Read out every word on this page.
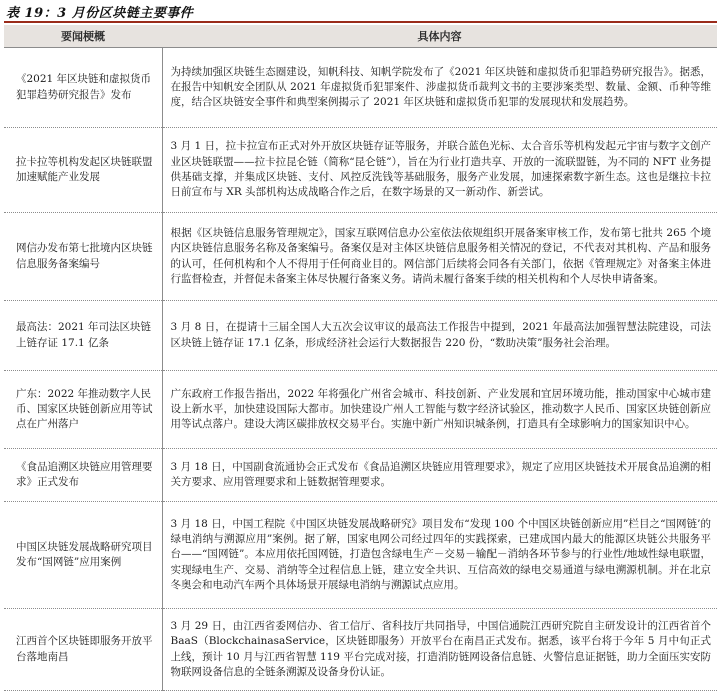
表 19：3 月份区块链主要事件
要闻梗概	具体内容
《2021 年区块链和虚拟货币犯罪趋势研究报告》发布	为持续加强区块链生态圈建设，知帆科技、知帆学院发布了《2021 年区块链和虚拟货币犯罪趋势研究报告》。据悉，在报告中知帆安全团队从 2021 年虚拟货币犯罪案件、涉虚拟货币裁判文书的主要涉案类型、数量、金额、币种等维度，结合区块链安全事件和典型案例揭示了 2021 年区块链和虚拟货币犯罪的发展现状和发展趋势。
拉卡拉等机构发起区块链联盟加速赋能产业发展	3 月 1 日，拉卡拉宣布正式对外开放区块链存证等服务，并联合蓝色光标、太合音乐等机构发起元宇宙与数字文创产业区块链联盟——拉卡拉昆仑链（简称“昆仑链”），旨在为行业打造共享、开放的一流联盟链，为不同的 NFT 业务提供基础支撑，并集成区块链、支付、风控反洗钱等基础服务，服务产业发展，加速探索数字新生态。这也是继拉卡拉日前宣布与 XR 头部机构达成战略合作之后，在数字场景的又一新动作、新尝试。
网信办发布第七批境内区块链信息服务备案编号	根据《区块链信息服务管理规定》，国家互联网信息办公室依法依规组织开展备案审核工作，发布第七批共 265 个境内区块链信息服务名称及备案编号。备案仅是对主体区块链信息服务相关情况的登记，不代表对其机构、产品和服务的认可，任何机构和个人不得用于任何商业目的。网信部门后续将会同各有关部门，依据《管理规定》对备案主体进行监督检查，并督促未备案主体尽快履行备案义务。请尚未履行备案手续的相关机构和个人尽快申请备案。
最高法：2021 年司法区块链上链存证 17.1 亿条	3 月 8 日，在提请十三届全国人大五次会议审议的最高法工作报告中提到，2021 年最高法加强智慧法院建设，司法区块链上链存证 17.1 亿条，形成经济社会运行大数据报告 220 份，“数助决策”服务社会治理。
广东：2022 年推动数字人民币、国家区块链创新应用等试点在广州落户	广东政府工作报告指出，2022 年将强化广州省会城市、科技创新、产业发展和宜居环境功能，推动国家中心城市建设上新水平，加快建设国际大都市。加快建设广州人工智能与数字经济试验区，推动数字人民币、国家区块链创新应用等试点落户。建设大湾区碳排放权交易平台。实施中新广州知识城条例，打造具有全球影响力的国家知识中心。
《食品追溯区块链应用管理要求》正式发布	3 月 18 日，中国副食流通协会正式发布《食品追溯区块链应用管理要求》，规定了应用区块链技术开展食品追溯的相关方要求、应用管理要求和上链数据管理要求。
中国区块链发展战略研究项目发布“国网链”应用案例	3 月 18 日，中国工程院《中国区块链发展战略研究》项目发布“发现 100 个中国区块链创新应用”栏目之“国网链’的绿电消纳与溯源应用”案例。据了解，国家电网公司经过四年的实践探索，已建成国内最大的能源区块链公共服务平台——“国网链”。本应用依托国网链，打造包含绿电生产－交易－输配－消纳各环节参与的行业性/地域性绿电联盟，实现绿电生产、交易、消纳等全过程信息上链，建立安全共识、互信高效的绿电交易通道与绿电溯源机制。并在北京冬奥会和电动汽车两个具体场景开展绿电消纳与溯源试点应用。
江西首个区块链即服务开放平台落地南昌	3 月 29 日，由江西省委网信办、省工信厅、省科技厅共同指导，中国信通院江西研究院自主研发设计的江西省首个 BaaS（BlockchainasaService，区块链即服务）开放平台在南昌正式发布。据悉，该平台将于今年 5 月中旬正式上线，预计 10 月与江西省智慧 119 平台完成对接，打造消防链网设备信息链、火警信息证据链，助力全面压实安防物联网设备信息的全链条溯源及设备身份认证。
